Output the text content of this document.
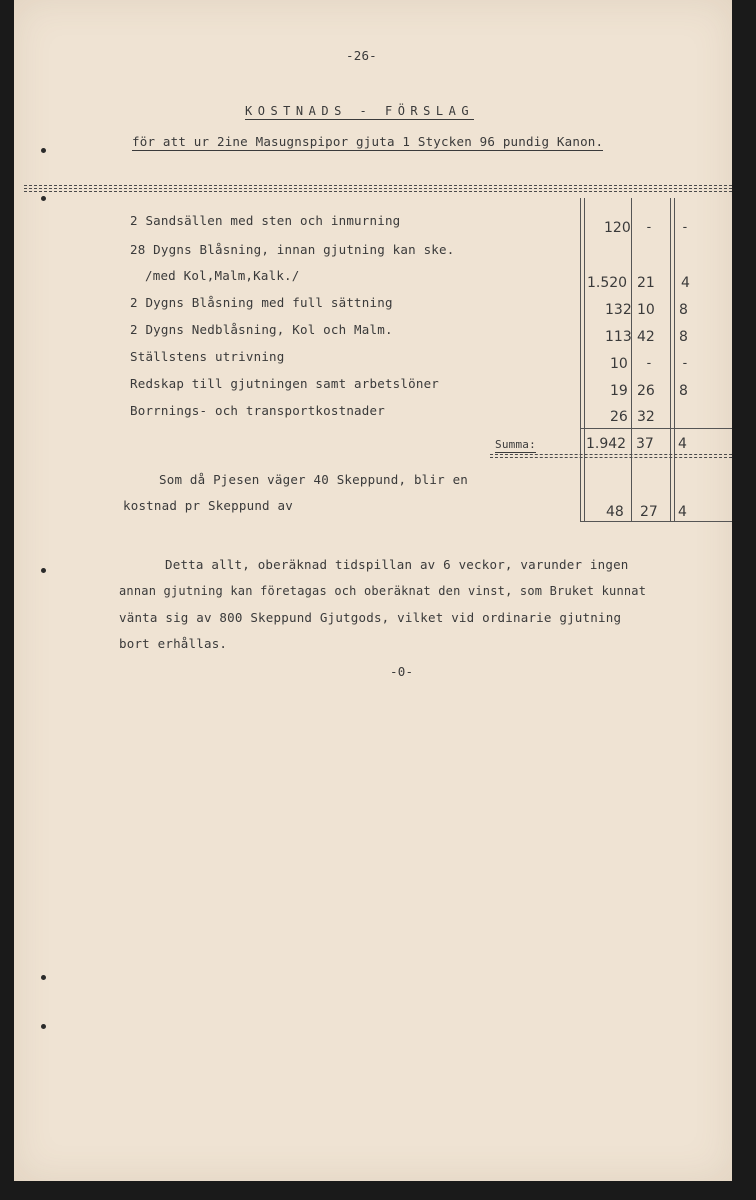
-26-
KOSTNADS - FÖRSLAG
för att ur 2ine Masugnspipor gjuta 1 Stycken 96 pundig Kanon.
2 Sandsällen med sten och inmurning	120 - -
28 Dygns Blåsning, innan gjutning kan ske.
/med Kol,Malm,Kalk./	1.520 21 4
2 Dygns Blåsning med full sättning	132 10 8
2 Dygns Nedblåsning, Kol och Malm.	113 42 8
Ställstens utrivning	10 - -
Redskap till gjutningen samt arbetslöner	19 26 8
Borrnings- och transportkostnader	26 32
Summa:	1.942 37 4
Som då Pjesen väger 40 Skeppund, blir en
kostnad pr Skeppund av	48 27 4
Detta allt, oberäknad tidspillan av 6 veckor, varunder ingen
annan gjutning kan företagas och oberäknat den vinst, som Bruket kunnat
vänta sig av 800 Skeppund Gjutgods, vilket vid ordinarie gjutning
bort erhållas.
-0-
